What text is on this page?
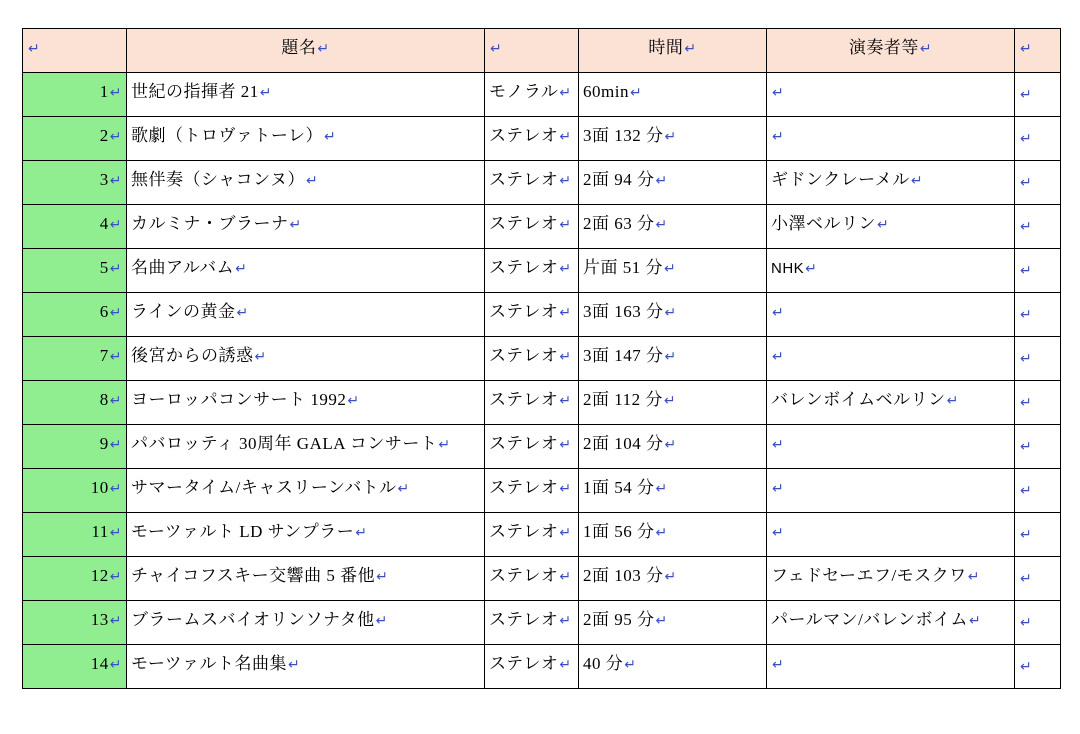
↵	題名↵	↵	時間↵	演奏者等↵	↵
1↵	世紀の指揮者 21↵	モノラル↵	60min↵	↵	↵
2↵	歌劇（トロヴァトーレ）↵	ステレオ↵	3面 132 分↵	↵	↵
3↵	無伴奏（シャコンヌ）↵	ステレオ↵	2面 94 分↵	ギドンクレーメル↵	↵
4↵	カルミナ・ブラーナ↵	ステレオ↵	2面 63 分↵	小澤ベルリン↵	↵
5↵	名曲アルバム↵	ステレオ↵	片面 51 分↵	NHK↵	↵
6↵	ラインの黄金↵	ステレオ↵	3面 163 分↵	↵	↵
7↵	後宮からの誘惑↵	ステレオ↵	3面 147 分↵	↵	↵
8↵	ヨーロッパコンサート 1992↵	ステレオ↵	2面 112 分↵	バレンボイムベルリン↵	↵
9↵	パバロッティ 30周年 GALA コンサート↵	ステレオ↵	2面 104 分↵	↵	↵
10↵	サマータイム/キャスリーンバトル↵	ステレオ↵	1面 54 分↵	↵	↵
11↵	モーツァルト LD サンプラー↵	ステレオ↵	1面 56 分↵	↵	↵
12↵	チャイコフスキー交響曲 5 番他↵	ステレオ↵	2面 103 分↵	フェドセーエフ/モスクワ↵	↵
13↵	ブラームスバイオリンソナタ他↵	ステレオ↵	2面 95 分↵	パールマン/バレンボイム↵	↵
14↵	モーツァルト名曲集↵	ステレオ↵	40 分↵	↵	↵
